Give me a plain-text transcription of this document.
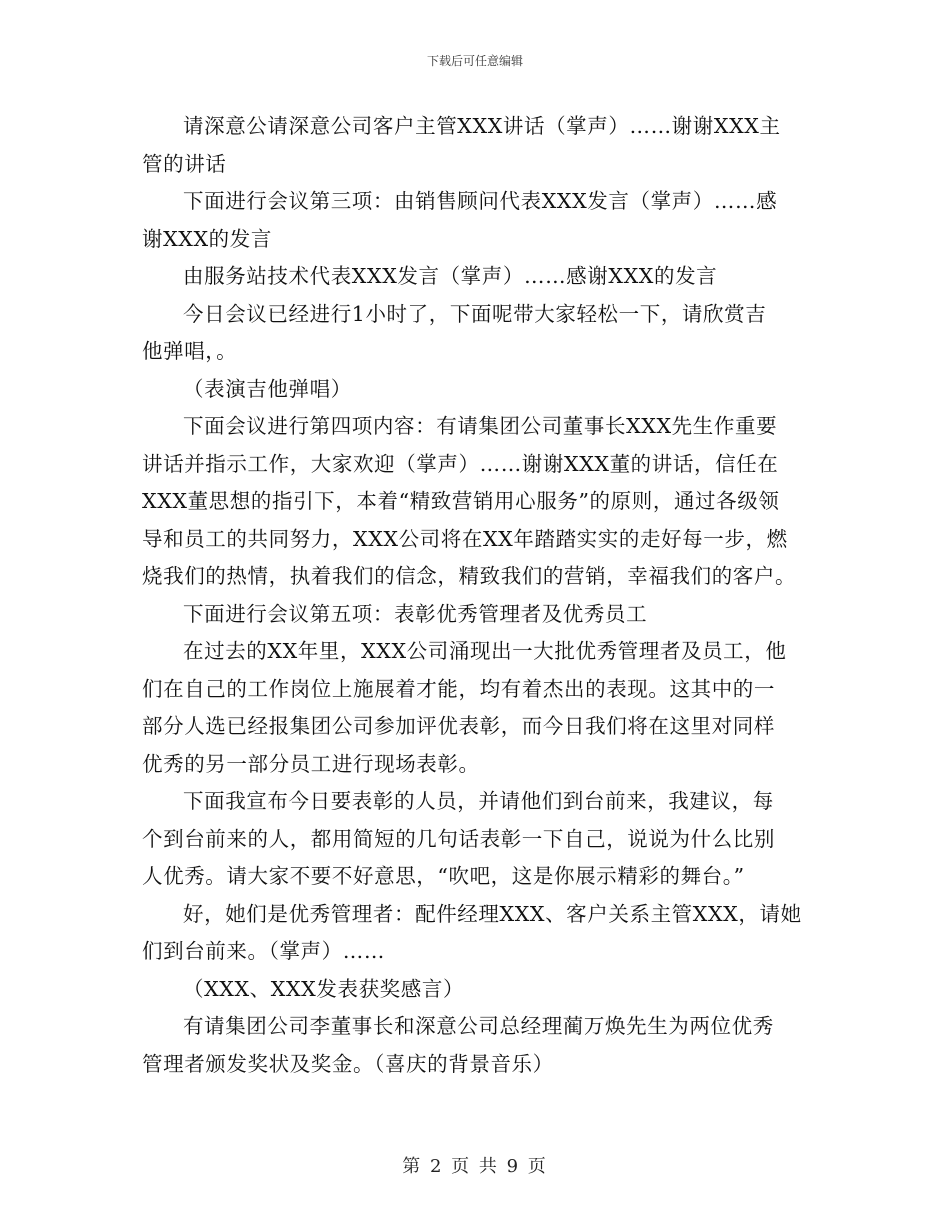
下载后可任意编辑

请深意公请深意公司客户主管XXX讲话（掌声）……谢谢XXX主
管的讲话

下面进行会议第三项：由销售顾问代表XXX发言（掌声）……感
谢XXX的发言

由服务站技术代表XXX发言（掌声）……感谢XXX的发言

今日会议已经进行1小时了，下面呢带大家轻松一下，请欣赏吉
他弹唱，。

（表演吉他弹唱）

下面会议进行第四项内容：有请集团公司董事长XXX先生作重要
讲话并指示工作，大家欢迎（掌声）……谢谢XXX董的讲话，信任在
XXX董思想的指引下，本着“精致营销用心服务”的原则，通过各级领
导和员工的共同努力，XXX公司将在XX年踏踏实实的走好每一步，燃
烧我们的热情，执着我们的信念，精致我们的营销，幸福我们的客户。

下面进行会议第五项：表彰优秀管理者及优秀员工

在过去的XX年里，XXX公司涌现出一大批优秀管理者及员工，他
们在自己的工作岗位上施展着才能，均有着杰出的表现。这其中的一
部分人选已经报集团公司参加评优表彰，而今日我们将在这里对同样
优秀的另一部分员工进行现场表彰。

下面我宣布今日要表彰的人员，并请他们到台前来，我建议，每
个到台前来的人，都用简短的几句话表彰一下自己，说说为什么比别
人优秀。请大家不要不好意思，“吹吧，这是你展示精彩的舞台。”

好，她们是优秀管理者：配件经理XXX、客户关系主管XXX，请她
们到台前来。（掌声）……

（XXX、XXX发表获奖感言）

有请集团公司李董事长和深意公司总经理蔺万焕先生为两位优秀
管理者颁发奖状及奖金。（喜庆的背景音乐）

第 2 页 共 9 页
